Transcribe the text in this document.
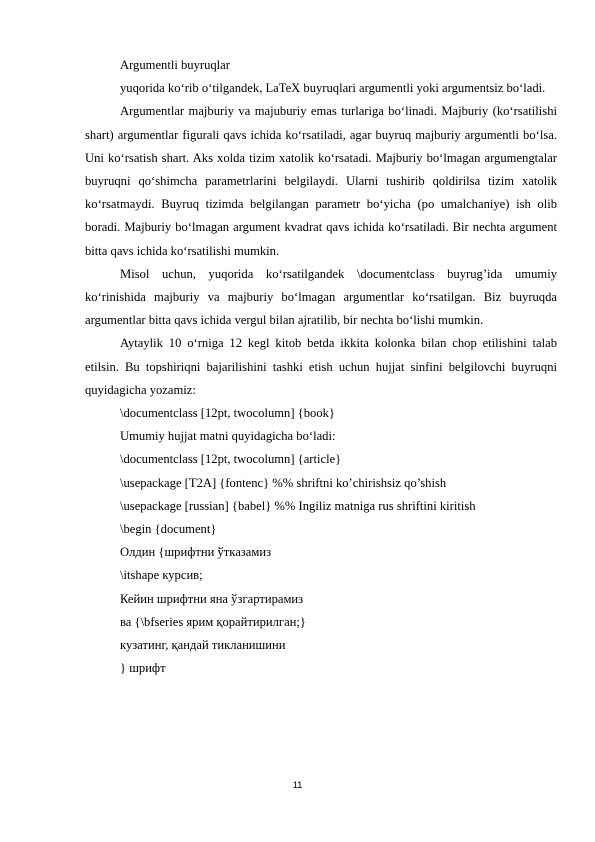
Argumentli buyruqlar

yuqorida ko‘rib o‘tilgandek, LaTeX buyruqlari argumentli yoki argumentsiz bo‘ladi.

Argumentlar majburiy va majuburiy emas turlariga bo‘linadi. Majburiy (ko‘rsatilishi shart) argumentlar figurali qavs ichida ko‘rsatiladi, agar buyruq majburiy argumentli bo‘lsa. Uni ko‘rsatish shart. Aks xolda tizim xatolik ko‘rsatadi. Majburiy bo‘lmagan argumengtalar buyruqni qo‘shimcha parametrlarini belgilaydi. Ularni tushirib qoldirilsa tizim xatolik ko‘rsatmaydi. Buyruq tizimda belgilangan parametr bo‘yicha (po umalchaniye) ish olib boradi. Majburiy bo‘lmagan argument kvadrat qavs ichida ko‘rsatiladi. Bir nechta argument bitta qavs ichida ko‘rsatilishi mumkin.

Misol uchun, yuqorida ko‘rsatilgandek \documentclass buyrug’ida umumiy ko‘rinishida majburiy va majburiy bo‘lmagan argumentlar ko‘rsatilgan. Biz buyruqda argumentlar bitta qavs ichida vergul bilan ajratilib, bir nechta bo‘lishi mumkin.

Aytaylik 10 o‘rniga 12 kegl kitob betda ikkita kolonka bilan chop etilishini talab etilsin. Bu topshiriqni bajarilishini tashki etish uchun hujjat sinfini belgilovchi buyruqni quyidagicha yozamiz:

\documentclass [12pt, twocolumn] {book}
Umumiy hujjat matni quyidagicha bo‘ladi:
\documentclass [12pt, twocolumn] {article}
\usepackage [T2A] {fontenc} %% shriftni ko’chirishsiz qo’shish
\usepackage [russian] {babel} %% Ingiliz matniga rus shriftini kiritish
\begin {document}
Олдин {шрифтни ўтказамиз
\itshape курсив;
Кейин шрифтни яна ўзгартирамиз
ва {\bfseries ярим қорайтирилган;}
кузатинг, қандай тикланишини
} шрифт
11
